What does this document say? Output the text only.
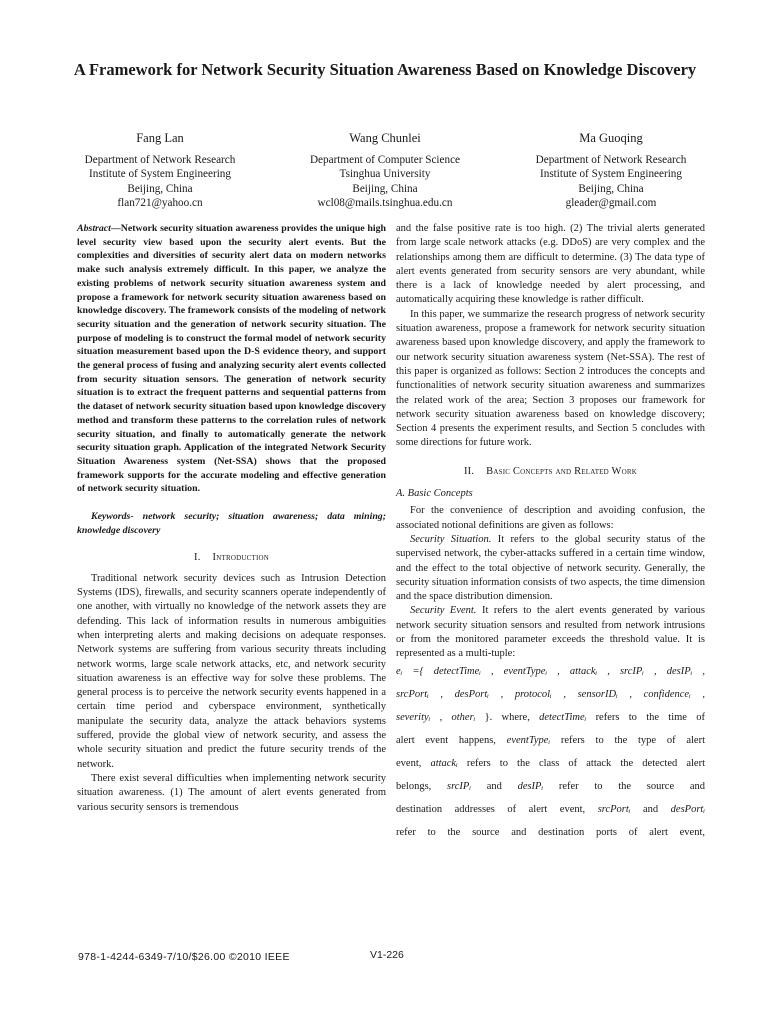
A Framework for Network Security Situation Awareness Based on Knowledge Discovery
Fang Lan
Department of Network Research
Institute of System Engineering
Beijing, China
flan721@yahoo.cn
Wang Chunlei
Department of Computer Science
Tsinghua University
Beijing, China
wcl08@mails.tsinghua.edu.cn
Ma Guoqing
Department of Network Research
Institute of System Engineering
Beijing, China
gleader@gmail.com

Abstract—Network security situation awareness provides the unique high level security view based upon the security alert events. But the complexities and diversities of security alert data on modern networks make such analysis extremely difficult. In this paper, we analyze the existing problems of network security situation awareness system and propose a framework for network security situation awareness based on knowledge discovery. The framework consists of the modeling of network security situation and the generation of network security situation. The purpose of modeling is to construct the formal model of network security situation measurement based upon the D-S evidence theory, and support the general process of fusing and analyzing security alert events collected from security situation sensors. The generation of network security situation is to extract the frequent patterns and sequential patterns from the dataset of network security situation based upon knowledge discovery method and transform these patterns to the correlation rules of network security situation, and finally to automatically generate the network security situation graph. Application of the integrated Network Security Situation Awareness system (Net-SSA) shows that the proposed framework supports for the accurate modeling and effective generation of network security situation.

Keywords- network security; situation awareness; data mining; knowledge discovery

I. Introduction

Traditional network security devices such as Intrusion Detection Systems (IDS), firewalls, and security scanners operate independently of one another, with virtually no knowledge of the network assets they are defending. This lack of information results in numerous ambiguities when interpreting alerts and making decisions on adequate responses. Network systems are suffering from various security threats including network worms, large scale network attacks, etc, and network security situation awareness is an effective way for solve these problems. The general process is to perceive the network security events happened in a certain time period and cyberspace environment, synthetically manipulate the security data, analyze the attack behaviors systems suffered, provide the global view of network security, and assess the whole security situation and predict the future security trends of the network.

There exist several difficulties when implementing network security situation awareness. (1) The amount of alert events generated from various security sensors is tremendous

and the false positive rate is too high. (2) The trivial alerts generated from large scale network attacks (e.g. DDoS) are very complex and the relationships among them are difficult to determine. (3) The data type of alert events generated from security sensors are very abundant, while there is a lack of knowledge needed by alert processing, and automatically acquiring these knowledge is rather difficult.

In this paper, we summarize the research progress of network security situation awareness, propose a framework for network security situation awareness based upon knowledge discovery, and apply the framework to our network security situation awareness system (Net-SSA). The rest of this paper is organized as follows: Section 2 introduces the concepts and functionalities of network security situation awareness and summarizes the related work of the area; Section 3 proposes our framework for network security situation awareness based on knowledge discovery; Section 4 presents the experiment results, and Section 5 concludes with some directions for future work.

II. Basic Concepts and Related Work

A. Basic Concepts

For the convenience of description and avoiding confusion, the associated notional definitions are given as follows:

Security Situation. It refers to the global security status of the supervised network, the cyber-attacks suffered in a certain time window, and the effect to the total objective of network security. Generally, the security situation information consists of two aspects, the time dimension and the space distribution dimension.

Security Event. It refers to the alert events generated by various network security situation sensors and resulted from network intrusions or from the monitored parameter exceeds the threshold value. It is represented as a multi-tuple:

eᵢ ={ detectTimeᵢ , eventTypeᵢ , attackᵢ , srcIPᵢ , desIPᵢ ,

srcPortᵢ , desPortᵢ , protocolᵢ , sensorIDᵢ , confidenceᵢ ,

severityᵢ , otherᵢ }. where, detectTimeᵢ refers to the time of

alert event happens, eventTypeᵢ refers to the type of alert

event, attackᵢ refers to the class of attack the detected alert

belongs, srcIPᵢ and desIPᵢ refer to the source and

destination addresses of alert event, srcPortᵢ and desPortᵢ

refer to the source and destination ports of alert event,

978-1-4244-6349-7/10/$26.00 ©2010 IEEE	V1-226
